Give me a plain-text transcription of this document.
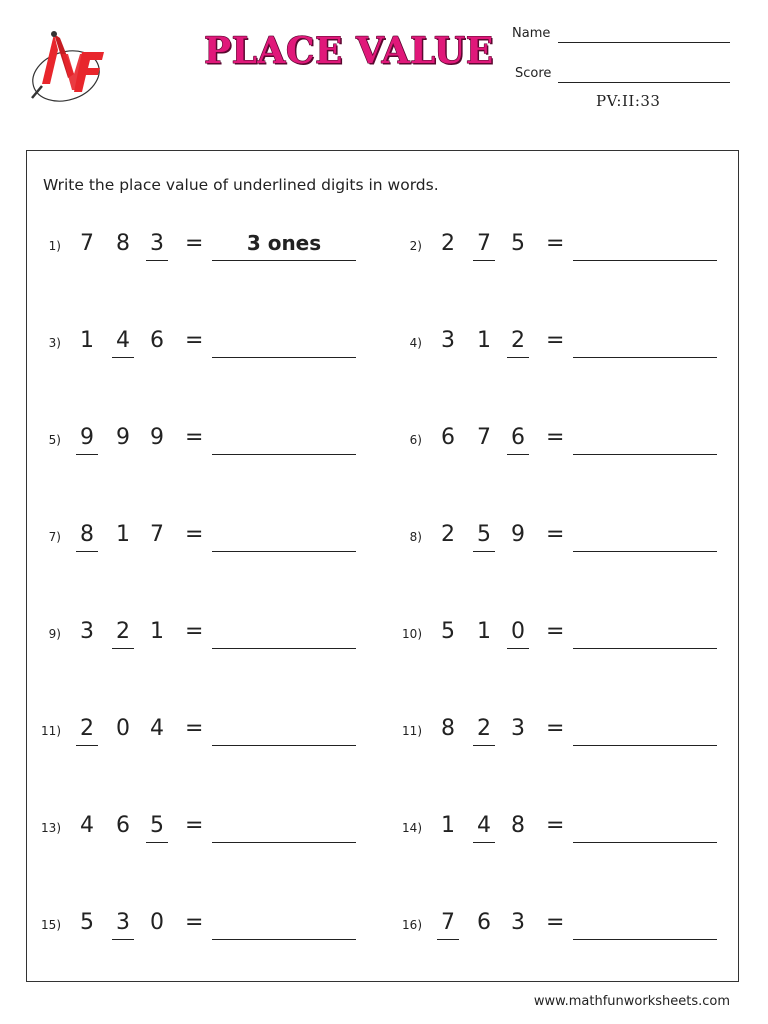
MF
PLACE VALUE Name
Score
PV:II:33
Write the place value of underlined digits in words.
1) 7 8 3 =	3 ones	2) 2 7 5 =
3) 1 4 6 =	4) 3 1 2 =
5) 9 9 9 =	6) 6 7 6 =
7) 8 1 7 =	8) 2 5 9 =
9) 3 2 1 =	10) 5 1 0 =
11) 2 0 4 =	11) 8 2 3 =
13) 4 6 5 =	14) 1 4 8 =
15) 5 3 0 =	16) 7 6 3 =
www.mathfunworksheets.com
